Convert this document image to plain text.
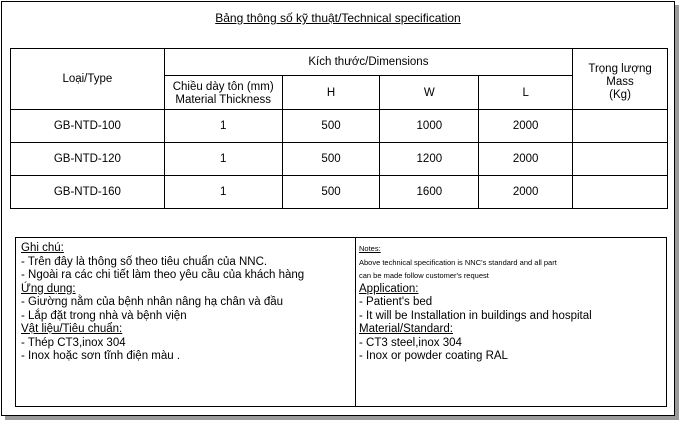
Bảng thông số kỹ thuật/Technical specification
Loại/Type	Kích thước/Dimensions				Trọng lượng
Mass
(Kg)

	Chiều dày tôn (mm)
Material Thickness	H	W	L	
GB-NTD-100	1	500	1000	2000	
GB-NTD-120	1	500	1200	2000	
GB-NTD-160	1	500	1600	2000	
Ghi chú:
- Trên đây là thông số theo tiêu chuẩn của NNC.
- Ngoài ra các chi tiết làm theo yêu cầu của khách hàng
Ứng dụng:
- Giường nằm của bệnh nhân nâng hạ chân và đầu
- Lắp đặt trong nhà và bệnh viện
Vật liệu/Tiêu chuẩn:
- Thép CT3,inox 304
- Inox hoặc sơn tĩnh điện màu .
Notes:
Above technical specification is NNC's standard and all part
can be made follow customer's request
Application:
- Patient's bed
- It will be Installation in buildings and hospital
Material/Standard:
- CT3 steel,inox 304
- Inox or powder coating RAL
